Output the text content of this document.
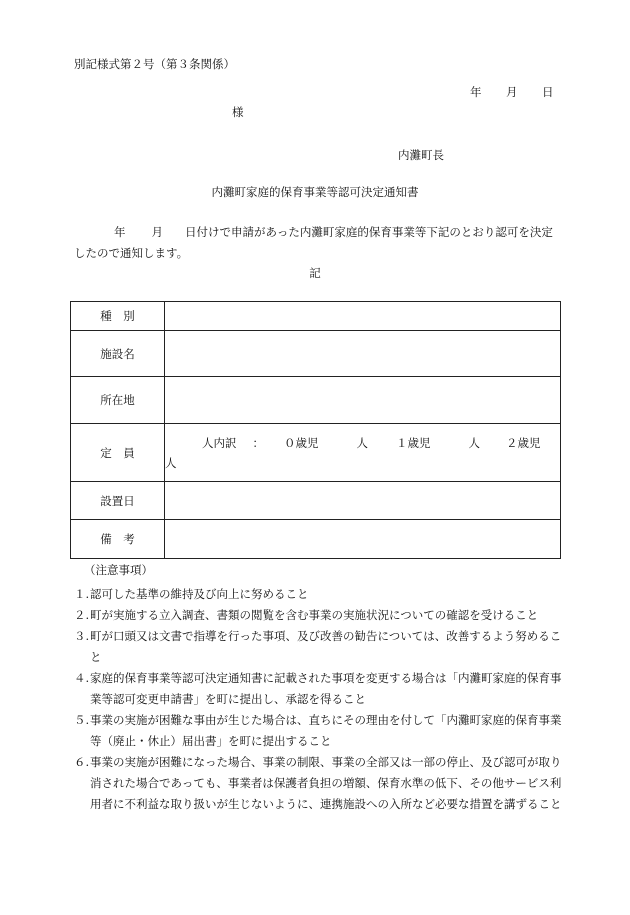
別記様式第２号（第３条関係）
年 月 日
様
内灘町長
内灘町家庭的保育事業等認可決定通知書
年 月 日付けで申請があった内灘町家庭的保育事業等下記のとおり認可を決定したので通知します。
記
種　別	
施設名	
所在地	
定　員	人内訳 ： ０歳児 人 １歳児 人 ２歳児
人

設置日	
備　考	
（注意事項）
１. 認可した基準の維持及び向上に努めること
２. 町が実施する立入調査、書類の閲覧を含む事業の実施状況についての確認を受けること
３. 町が口頭又は文書で指導を行った事項、及び改善の勧告については、改善するよう努めること
４. 家庭的保育事業等認可決定通知書に記載された事項を変更する場合は「内灘町家庭的保育事業等認可変更申請書」を町に提出し、承認を得ること
５. 事業の実施が困難な事由が生じた場合は、直ちにその理由を付して「内灘町家庭的保育事業等（廃止・休止）届出書」を町に提出すること
６. 事業の実施が困難になった場合、事業の制限、事業の全部又は一部の停止、及び認可が取り消された場合であっても、事業者は保護者負担の増額、保育水準の低下、その他サービス利用者に不利益な取り扱いが生じないように、連携施設への入所など必要な措置を講ずること
